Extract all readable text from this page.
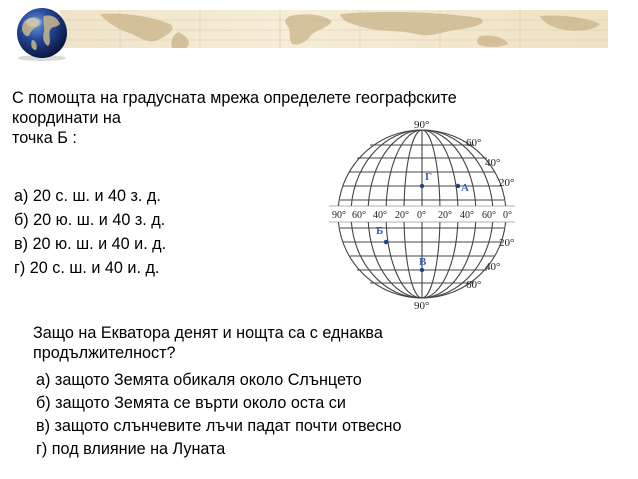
С помощта на градусната мрежа определете географските
координати на
точка Б :
а) 20 с. ш. и 40 з. д.
б) 20 ю. ш. и 40 з. д.
в) 20 ю. ш. и 40 и. д.
г) 20 с. ш. и 40 и. д.
90° 60° 40° 20° 0° 20° 40° 60° 0°
90°
90°
60°
40°
20°
20°
40°
60°
Г
А
Б
В
Защо на Екватора денят и нощта са с еднаква
продължителност?
а) защото Земята обикаля около Слънцето
б) защото Земята се върти около оста си
в) защото слънчевите лъчи падат почти отвесно
г) под влияние на Луната
